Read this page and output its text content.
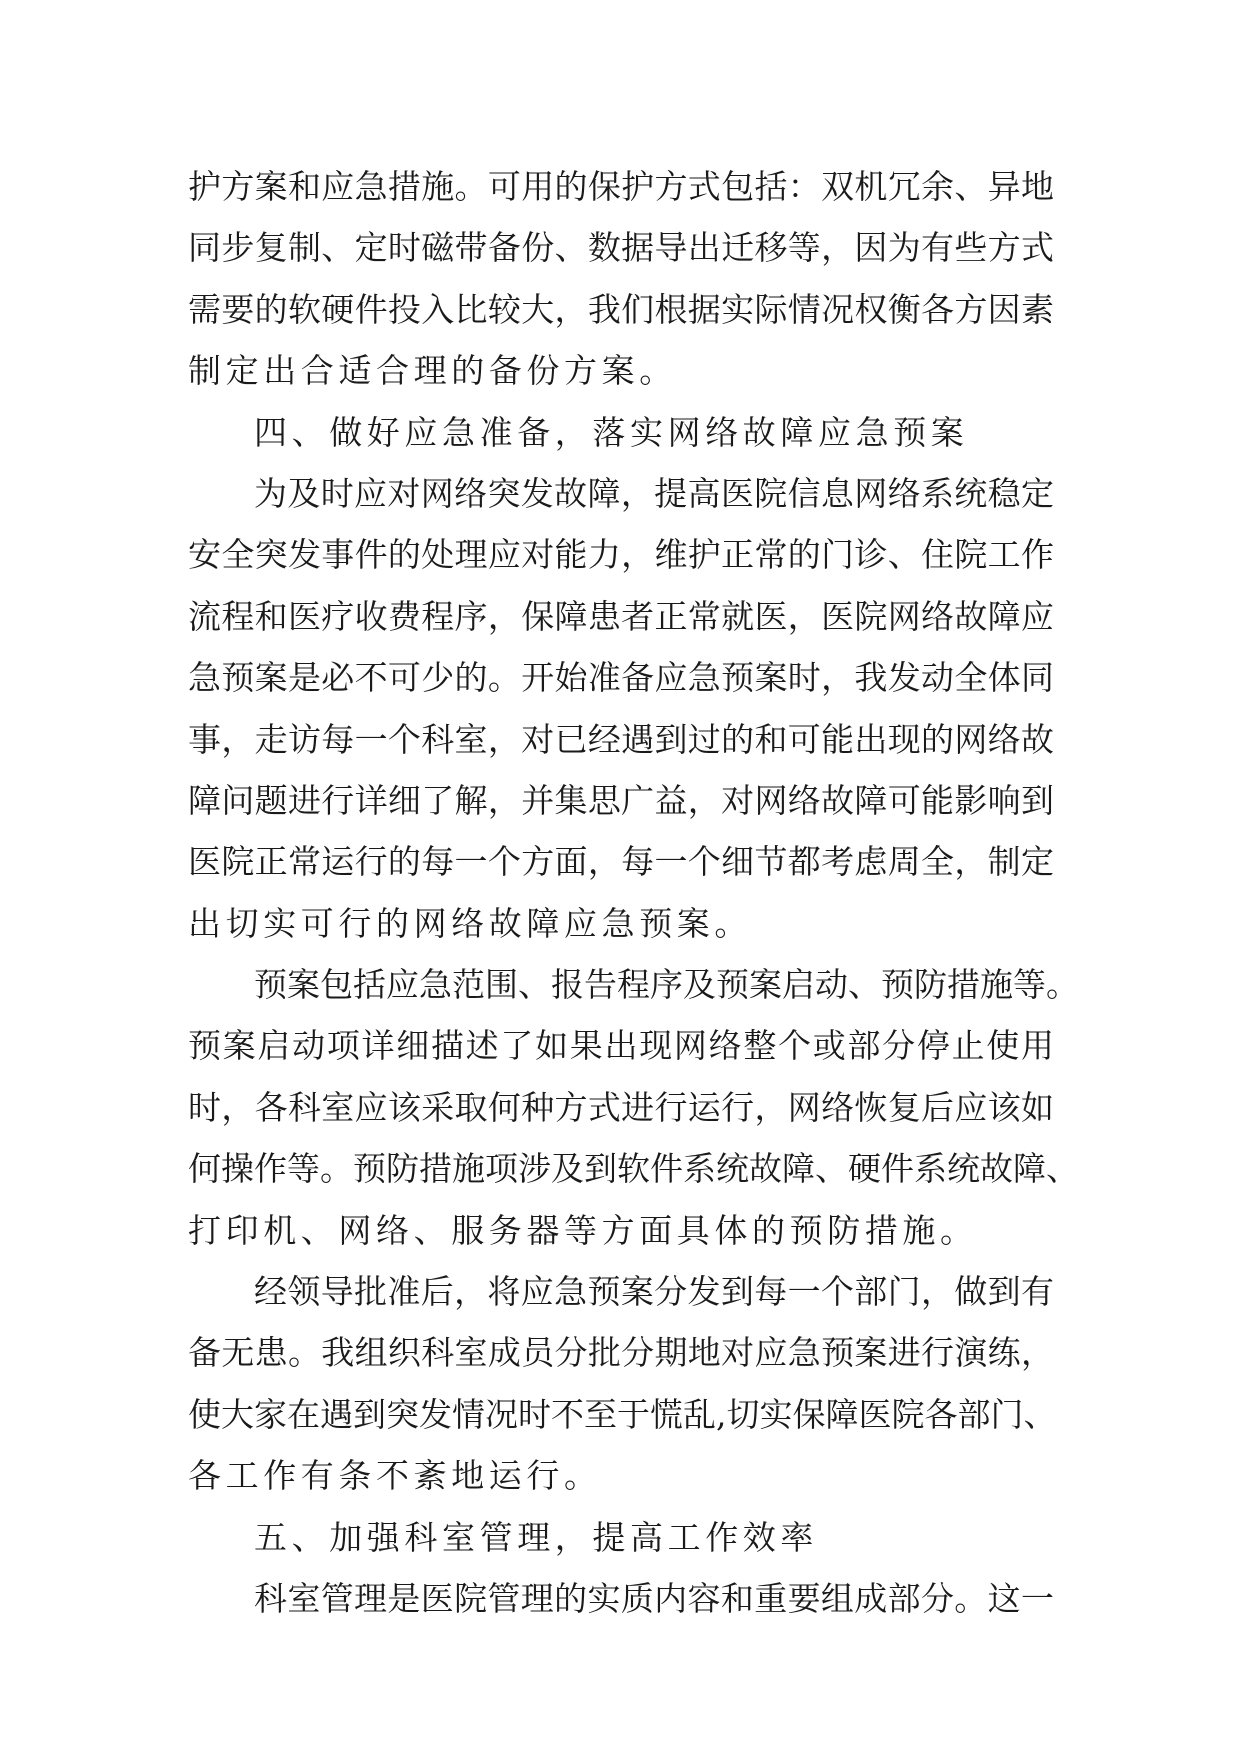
护方案和应急措施。可用的保护方式包括：双机冗余、异地
同步复制、定时磁带备份、数据导出迁移等，因为有些方式
需要的软硬件投入比较大，我们根据实际情况权衡各方因素
制定出合适合理的备份方案。
四、做好应急准备，落实网络故障应急预案
为及时应对网络突发故障，提高医院信息网络系统稳定
安全突发事件的处理应对能力，维护正常的门诊、住院工作
流程和医疗收费程序，保障患者正常就医，医院网络故障应
急预案是必不可少的。开始准备应急预案时，我发动全体同
事，走访每一个科室，对已经遇到过的和可能出现的网络故
障问题进行详细了解，并集思广益，对网络故障可能影响到
医院正常运行的每一个方面，每一个细节都考虑周全，制定
出切实可行的网络故障应急预案。
预案包括应急范围、报告程序及预案启动、预防措施等。
预案启动项详细描述了如果出现网络整个或部分停止使用
时，各科室应该采取何种方式进行运行，网络恢复后应该如
何操作等。预防措施项涉及到软件系统故障、硬件系统故障、
打印机、网络、服务器等方面具体的预防措施。
经领导批准后，将应急预案分发到每一个部门，做到有
备无患。我组织科室成员分批分期地对应急预案进行演练，
使大家在遇到突发情况时不至于慌乱,切实保障医院各部门、
各工作有条不紊地运行。
五、加强科室管理，提高工作效率
科室管理是医院管理的实质内容和重要组成部分。这一
